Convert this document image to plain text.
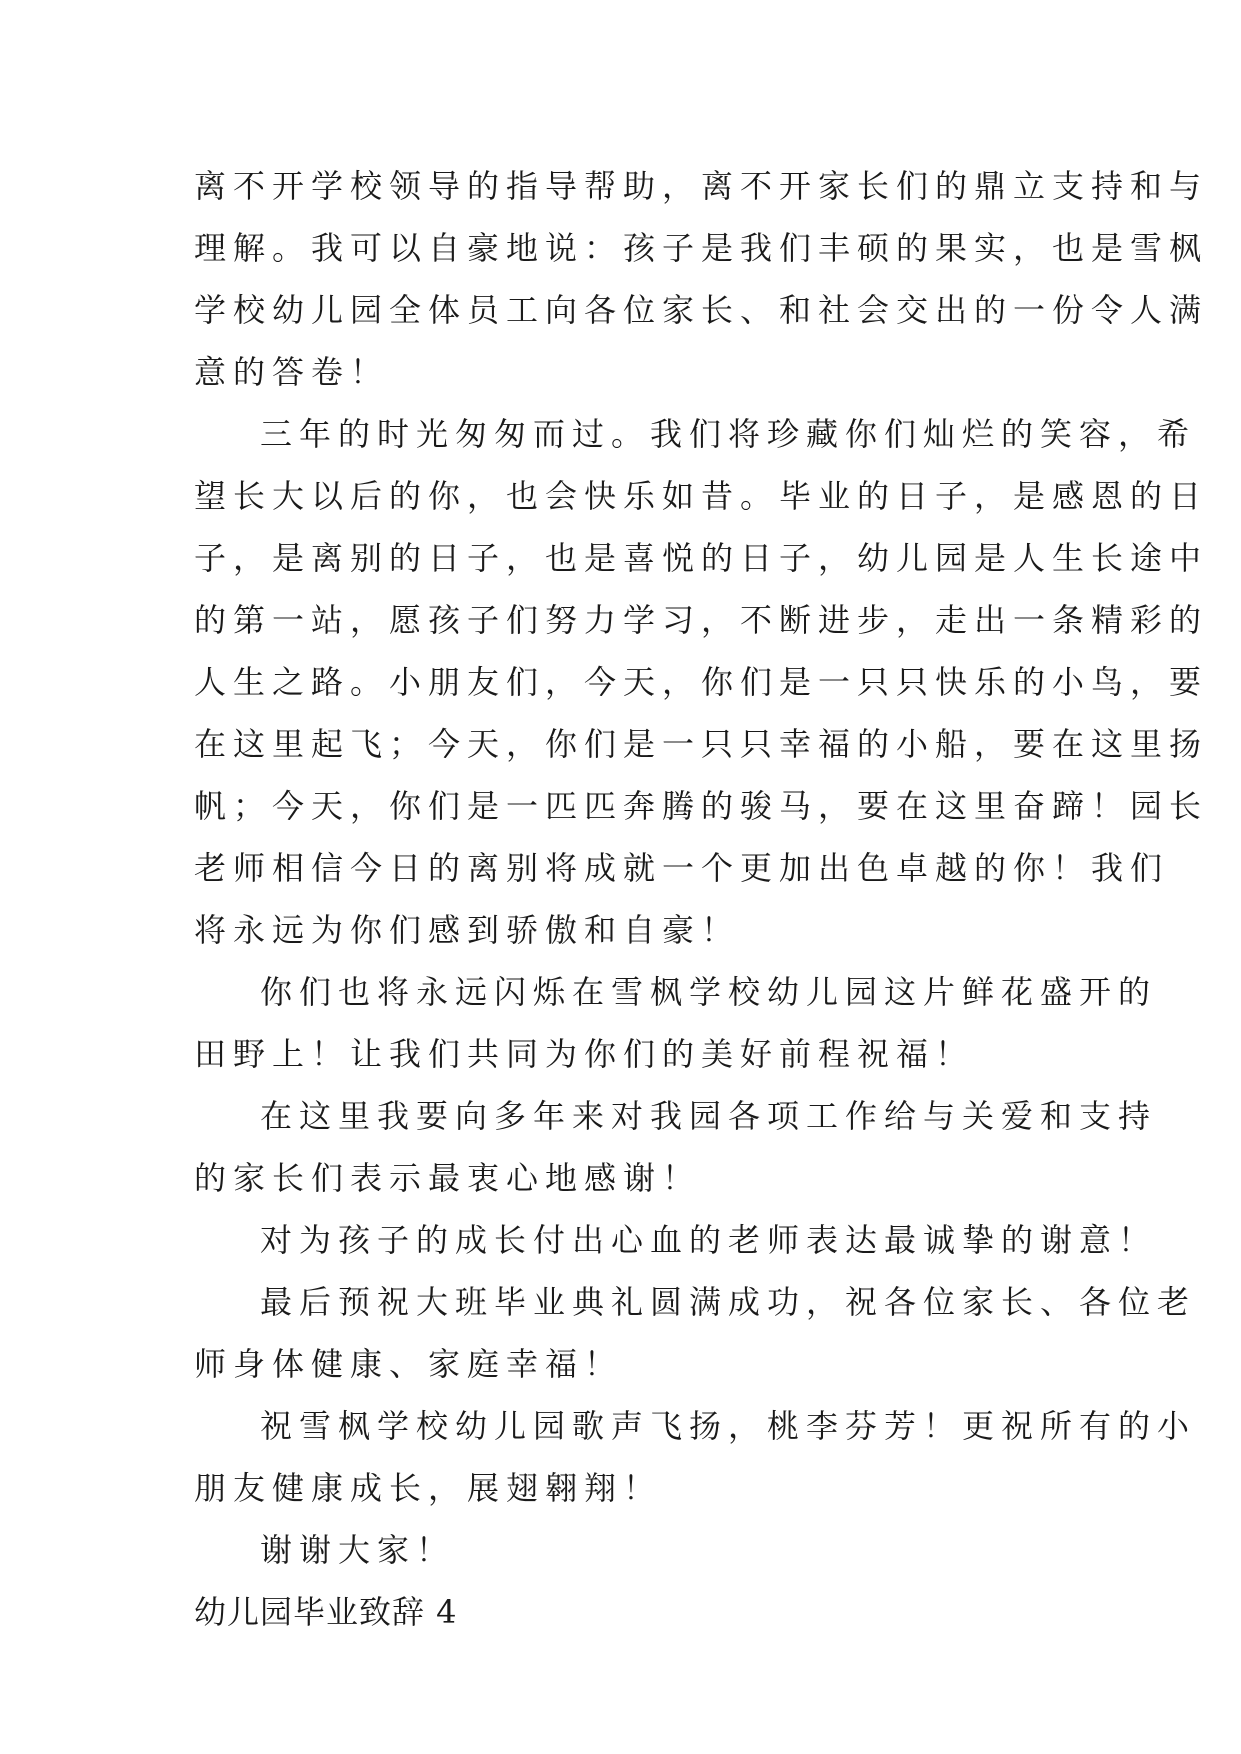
离不开学校领导的指导帮助，离不开家长们的鼎立支持和与
理解。我可以自豪地说：孩子是我们丰硕的果实，也是雪枫
学校幼儿园全体员工向各位家长、和社会交出的一份令人满
意的答卷！
三年的时光匆匆而过。我们将珍藏你们灿烂的笑容，希
望长大以后的你，也会快乐如昔。毕业的日子，是感恩的日
子，是离别的日子，也是喜悦的日子，幼儿园是人生长途中
的第一站，愿孩子们努力学习，不断进步，走出一条精彩的
人生之路。小朋友们，今天，你们是一只只快乐的小鸟，要
在这里起飞；今天，你们是一只只幸福的小船，要在这里扬
帆；今天，你们是一匹匹奔腾的骏马，要在这里奋蹄！园长
老师相信今日的离别将成就一个更加出色卓越的你！我们
将永远为你们感到骄傲和自豪！
你们也将永远闪烁在雪枫学校幼儿园这片鲜花盛开的
田野上！让我们共同为你们的美好前程祝福！
在这里我要向多年来对我园各项工作给与关爱和支持
的家长们表示最衷心地感谢！
对为孩子的成长付出心血的老师表达最诚挚的谢意！
最后预祝大班毕业典礼圆满成功，祝各位家长、各位老
师身体健康、家庭幸福！
祝雪枫学校幼儿园歌声飞扬，桃李芬芳！更祝所有的小
朋友健康成长，展翅翱翔！
谢谢大家！
幼儿园毕业致辞 4
